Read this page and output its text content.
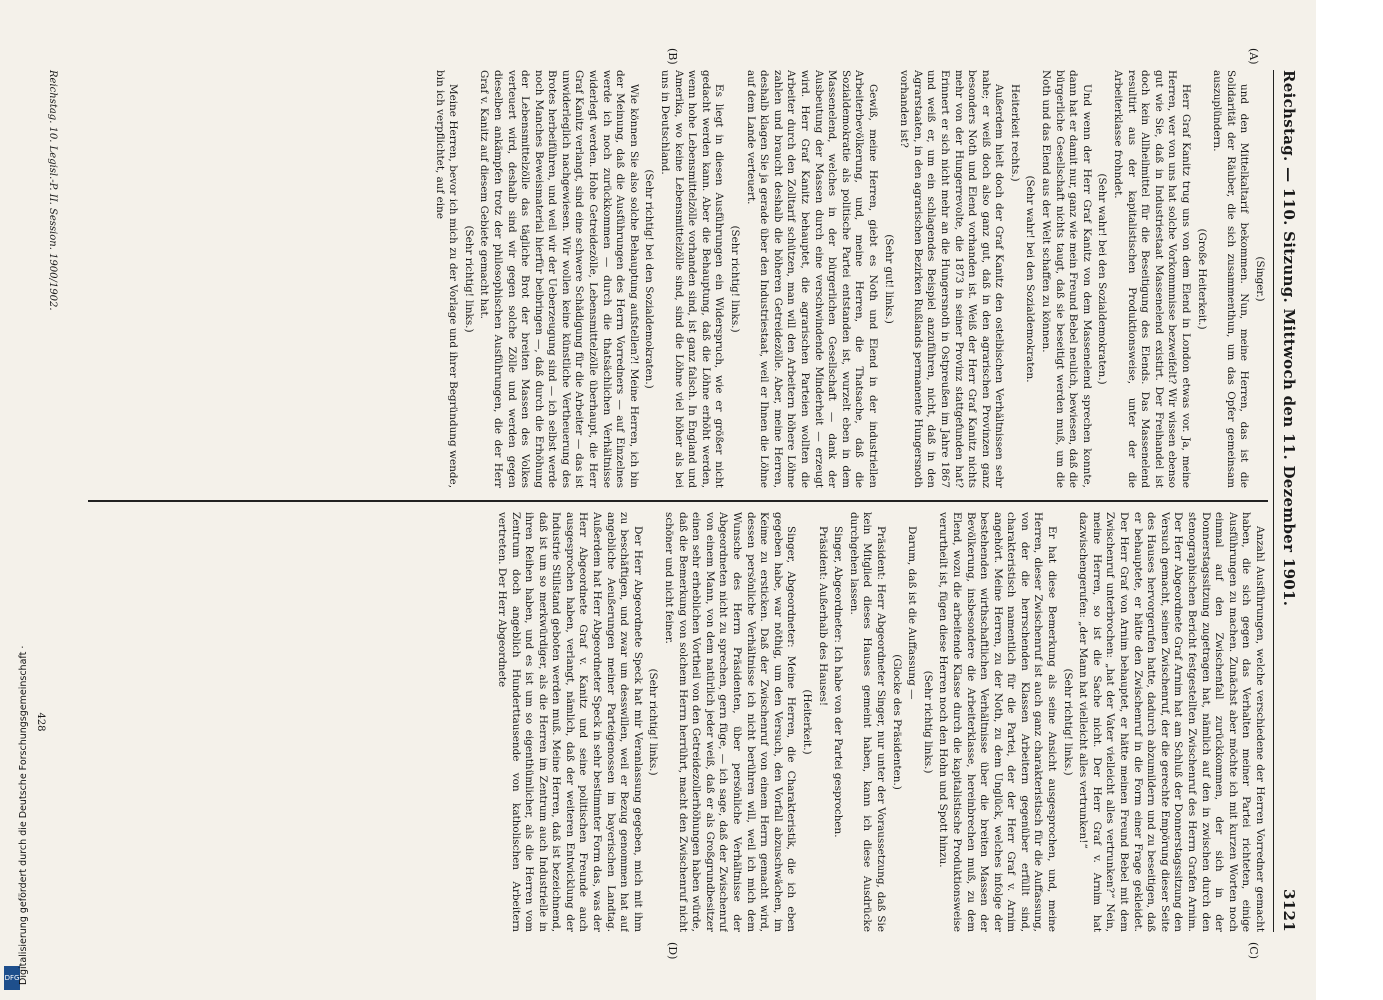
Reichstag. — 110. Sitzung. Mittwoch den 11. Dezember 1901.
3121
(A)
(B)
(C)
(D)

(Singer.)

und den Mittelkaltarif bekommen. Nun, meine Herren, das ist die Solidarität der Räuber, die sich zusammenthun, um das Opfer gemeinsam auszuplündern.

(Große Heiterkeit.)

Herr Graf Kanitz trug uns von dem Elend in London etwas vor. Ja, meine Herren, wer von uns hat solche Vorkommnisse bezweifelt? Wir wissen ebenso gut wie Sie, daß in Industriestaat Massenelend existirt. Der Freihandel ist doch kein Allheilmittel für die Beseitigung des Elends. Das Massenelend resultirt aus der kapitalistischen Produktionsweise, unter der die Arbeiterklasse frohndet.

(Sehr wahr! bei den Sozialdemokraten.)

Und wenn der Herr Graf Kanitz von dem Massenelend sprechen konnte, dann hat er damit nur, ganz wie mein Freund Bebel neulich, bewiesen, daß die bürgerliche Gesellschaft nichts taugt, daß sie beseitigt werden muß, um die Noth und das Elend aus der Welt schaffen zu können.

(Sehr wahr! bei den Sozialdemokraten.

Heiterkeit rechts.)

Außerdem hielt doch der Graf Kanitz den ostelbischen Verhältnissen sehr nahe; er weiß doch also ganz gut, daß in den agrarischen Provinzen ganz besonders Noth und Elend vorhanden ist. Weiß der Herr Graf Kanitz nichts mehr von der Hungerrevolte, die 1873 in seiner Provinz stattgefunden hat? Erinnert er sich nicht mehr an die Hungersnoth in Ostpreußen im Jahre 1867 und weiß er, um ein schlagendes Beispiel anzuführen, nicht, daß in den Agrarstaaten, in den agrarischen Bezirken Rußlands permanente Hungersnoth vorhanden ist?

(Sehr gut! links.)

Gewiß, meine Herren, giebt es Noth und Elend in der industriellen Arbeiterbevölkerung, und, meine Herren, die Thatsache, daß die Sozialdemokratie als politische Partei entstanden ist, wurzelt eben in dem Massenelend, welches in der bürgerlichen Gesellschaft — dank der Ausbeutung der Massen durch eine verschwindende Minderheit — erzeugt wird. Herr Graf Kanitz behauptet, die agrarischen Parteien wollten die Arbeiter durch den Zolltarif schützen, man will den Arbeitern höhere Löhne zahlen und braucht deshalb die höheren Getreidezölle. Aber, meine Herren, deshalb klagen Sie ja gerade über den Industriestaat, weil er Ihnen die Löhne auf dem Lande verteuert.

(Sehr richtig! links.)

Es liegt in diesen Ausführungen ein Widerspruch, wie er größer nicht gedacht werden kann. Aber die Behauptung, daß die Löhne erhöht werden, wenn hohe Lebensmittelzölle vorhanden sind, ist ganz falsch. In England und Amerika, wo keine Lebensmittelzölle sind, sind die Löhne viel höher als bei uns in Deutschland.

(Sehr richtig! bei den Sozialdemokraten.)

Wie können Sie also solche Behauptung aufstellen?! Meine Herren, ich bin der Meinung, daß die Ausführungen des Herrn Vorredners — auf Einzelnes werde ich noch zurückkommen — durch die thatsächlichen Verhältnisse widerlegt werden. Hohe Getreidezölle, Lebensmittelzölle überhaupt, die Herr Graf Kanitz verlangt, sind eine schwere Schädigung für die Arbeiter — das ist unwiderleglich nachgewiesen. Wir wollen keine künstliche Vertheuerung des Brotes herbeiführen, und weil wir der Ueberzeugung sind — ich selbst werde noch Manches Beweismaterial hierfür beibringen —, daß durch die Erhöhung der Lebensmittelzölle das tägliche Brot der breiten Massen des Volkes verteuert wird, deshalb sind wir gegen solche Zölle und werden gegen dieselben ankämpfen trotz der philosophischen Ausführungen, die der Herr Graf v. Kanitz auf diesem Gebiete gemacht hat.

(Sehr richtig! links.)

Meine Herren, bevor ich mich zu der Vorlage und ihrer Begründung wende, bin ich verpflichtet, auf eine

Anzahl Ausführungen, welche verschiedene der Herren Vorredner gemacht haben, die sich gegen das Verhalten meiner Partei richteten, einige Ausführungen zu machen. Zunächst aber möchte ich mit kurzen Worten noch einmal auf den Zwischenfall zurückkommen, der sich in der Donnerstagssitzung zugetragen hat, nämlich auf den in zwischen durch den stenographischen Bericht festgestellten Zwischenruf des Herrn Grafen Arnim. Der Herr Abgeordnete Graf Arnim hat am Schluß der Donnerstagssitzung den Versuch gemacht, seinen Zwischenruf, der die gerechte Empörung dieser Seite des Hauses hervorgerufen hatte, dadurch abzumildern und zu beseitigen, daß er behauptete, er hätte den Zwischenruf in die Form einer Frage gekleidet. Der Herr Graf von Arnim behauptet, er hätte meinen Freund Bebel mit dem Zwischenruf unterbrochen: „hat der Vater vielleicht alles vertrunken?“ Nein, meine Herren, so ist die Sache nicht. Der Herr Graf v. Arnim hat dazwischengerufen: „der Mann hat vielleicht alles vertrunken!“

(Sehr richtig! links.)

Er hat diese Bemerkung als seine Ansicht ausgesprochen, und, meine Herren, dieser Zwischenruf ist auch ganz charakteristisch für die Auffassung, von der die herrschenden Klassen Arbeitern gegenüber erfüllt sind, charakteristisch namentlich für die Partei, der der Herr Graf v. Arnim angehört. Meine Herren, zu der Noth, zu dem Unglück, welches infolge der bestehenden wirthschaftlichen Verhältnisse über die breiten Massen der Bevölkerung, insbesondere die Arbeiterklasse, hereinbrechen muß, zu dem Elend, wozu die arbeitende Klasse durch die kapitalistische Produktionsweise verurtheilt ist, fügen diese Herren noch den Hohn und Spott hinzu.

(Sehr richtig links.)

Darum, daß ist die Auffassung —

(Glocke des Präsidenten.)

Präsident: Herr Abgeordneter Singer, nur unter der Voraussetzung, daß Sie kein Mitglied dieses Hauses gemeint haben, kann ich diese Ausdrücke durchgehen lassen.

Singer, Abgeordneter: Ich habe von der Partei gesprochen.

Präsident: Außerhalb des Hauses!

(Heiterkeit.)

Singer, Abgeordneter: Meine Herren, die Charakteristik, die ich eben gegeben habe, war nöthig, um den Versuch, den Vorfall abzuschwächen, im Keime zu ersticken. Daß der Zwischenruf von einem Herrn gemacht wird, dessen persönliche Verhältnisse ich nicht berühren will, weil ich mich dem Wunsche des Herrn Präsidenten, über persönliche Verhältnisse der Abgeordneten nicht zu sprechen, gern füge, — ich sage, daß der Zwischenruf von einem Mann, von dem natürlich jeder weiß, daß er als Großgrundbesitzer einen sehr erheblichen Vortheil von den Getreidezollerhöhungen haben würde, daß die Bemerkung von solchem Herrn herrührt, macht den Zwischenruf nicht schöner und nicht feiner.

(Sehr richtig! links.)

Der Herr Abgeordnete Speck hat mir Veranlassung gegeben, mich mit ihm zu beschäftigen, und zwar um desswillen, weil er Bezug genommen hat auf angebliche Aeußerungen meiner Parteigenossen im bayerischen Landtag. Außerdem hat Herr Abgeordneter Speck in sehr bestimmter Form das, was der Herr Abgeordnete Graf v. Kanitz und seine politischen Freunde auch ausgesprochen haben, verlangt, nämlich, daß der weiteren Entwicklung der Industrie Stillstand geboten werden muß. Meine Herren, daß ist bezeichnend, daß ist um so merkwürdiger, als die Herren im Zentrum auch Industrielle in ihren Reihen haben, und es ist um so eigenthümlicher, als die Herren vom Zentrum doch angeblich Hunderttausende von katholischen Arbeitern vertreten. Der Herr Abgeordnete

Reichstag. 10. Legisl.-P. II. Session. 1900/1902.
428
DFG
Digitalisierung gefördert durch die Deutsche Forschungsgemeinschaft ·
